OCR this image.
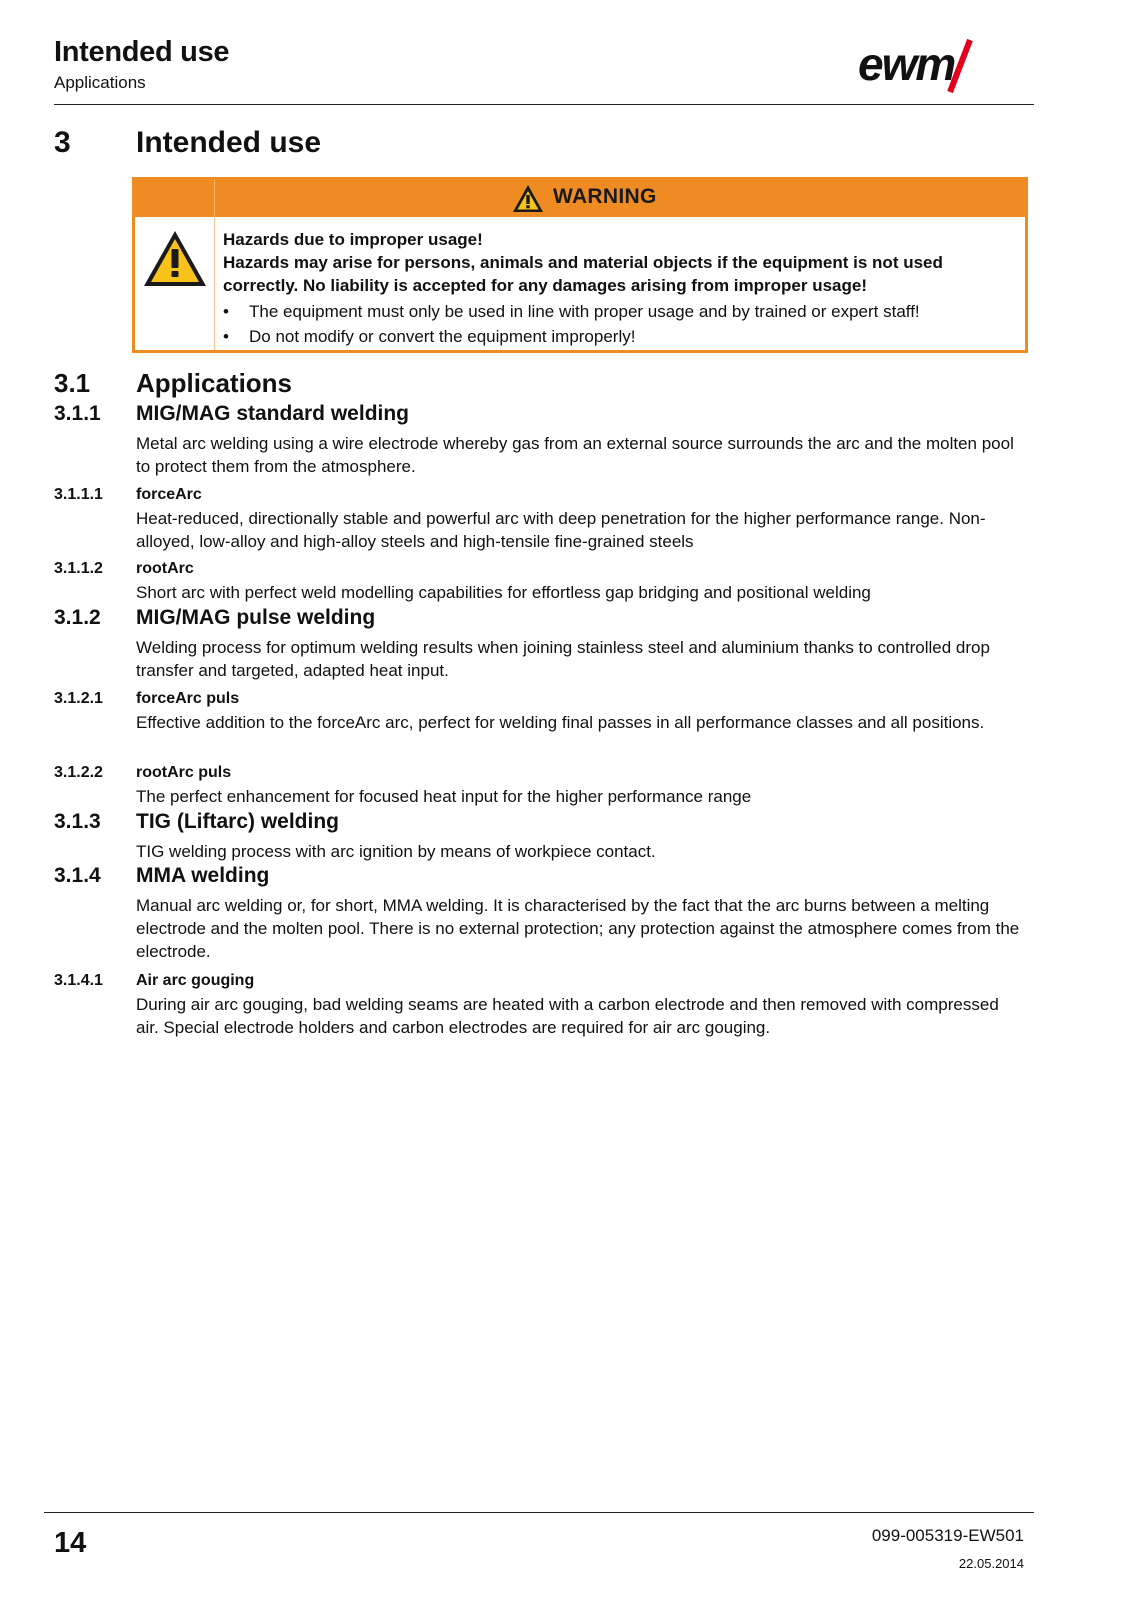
Intended use
Applications	ewm
3 Intended use
WARNING
Hazards due to improper usage!
Hazards may arise for persons, animals and material objects if the equipment is not used correctly. No liability is accepted for any damages arising from improper usage!
• The equipment must only be used in line with proper usage and by trained or expert staff!
• Do not modify or convert the equipment improperly!
3.1 Applications
3.1.1 MIG/MAG standard welding
Metal arc welding using a wire electrode whereby gas from an external source surrounds the arc and the molten pool to protect them from the atmosphere.
3.1.1.1 forceArc
Heat-reduced, directionally stable and powerful arc with deep penetration for the higher performance range. Non-alloyed, low-alloy and high-alloy steels and high-tensile fine-grained steels
3.1.1.2 rootArc
Short arc with perfect weld modelling capabilities for effortless gap bridging and positional welding
3.1.2 MIG/MAG pulse welding
Welding process for optimum welding results when joining stainless steel and aluminium thanks to controlled drop transfer and targeted, adapted heat input.
3.1.2.1 forceArc puls
Effective addition to the forceArc arc, perfect for welding final passes in all performance classes and all positions.
3.1.2.2 rootArc puls
The perfect enhancement for focused heat input for the higher performance range
3.1.3 TIG (Liftarc) welding
TIG welding process with arc ignition by means of workpiece contact.
3.1.4 MMA welding
Manual arc welding or, for short, MMA welding. It is characterised by the fact that the arc burns between a melting electrode and the molten pool. There is no external protection; any protection against the atmosphere comes from the electrode.
3.1.4.1 Air arc gouging
During air arc gouging, bad welding seams are heated with a carbon electrode and then removed with compressed air. Special electrode holders and carbon electrodes are required for air arc gouging.
14	099-005319-EW501
22.05.2014
